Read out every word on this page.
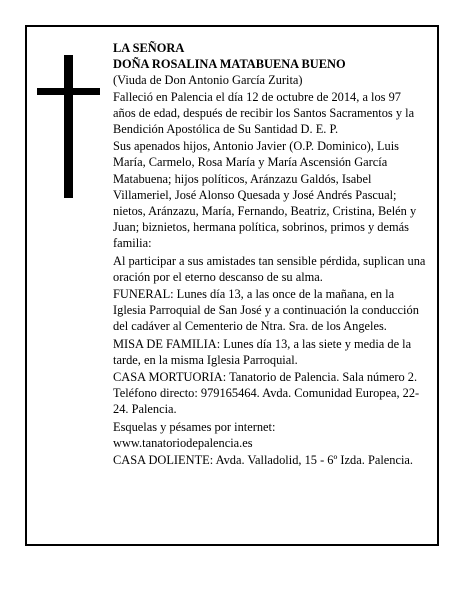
LA SEÑORA

DOÑA ROSALINA MATABUENA BUENO

(Viuda de Don Antonio García Zurita)

Falleció en Palencia el día 12 de octubre de 2014, a los 97 años de edad, después de recibir los Santos Sacramentos y la Bendición Apostólica de Su Santidad D. E. P.

Sus apenados hijos, Antonio Javier (O.P. Dominico), Luis María, Carmelo, Rosa María y María Ascensión García Matabuena; hijos políticos, Aránzazu Galdós, Isabel Villameriel, José Alonso Quesada y José Andrés Pascual; nietos, Aránzazu, María, Fernando, Beatriz, Cristina, Belén y Juan; biznietos, hermana política, sobrinos, primos y demás familia:

Al participar a sus amistades tan sensible pérdida, suplican una oración por el eterno descanso de su alma.

FUNERAL: Lunes día 13, a las once de la mañana, en la Iglesia Parroquial de San José y a continuación la conducción del cadáver al Cementerio de Ntra. Sra. de los Angeles.

MISA DE FAMILIA: Lunes día 13, a las siete y media de la tarde, en la misma Iglesia Parroquial.

CASA MORTUORIA: Tanatorio de Palencia. Sala número 2. Teléfono directo: 979165464. Avda. Comunidad Europea, 22-24. Palencia.

Esquelas y pésames por internet:

www.tanatoriodepalencia.es

CASA DOLIENTE: Avda. Valladolid, 15 - 6º Izda. Palencia.
